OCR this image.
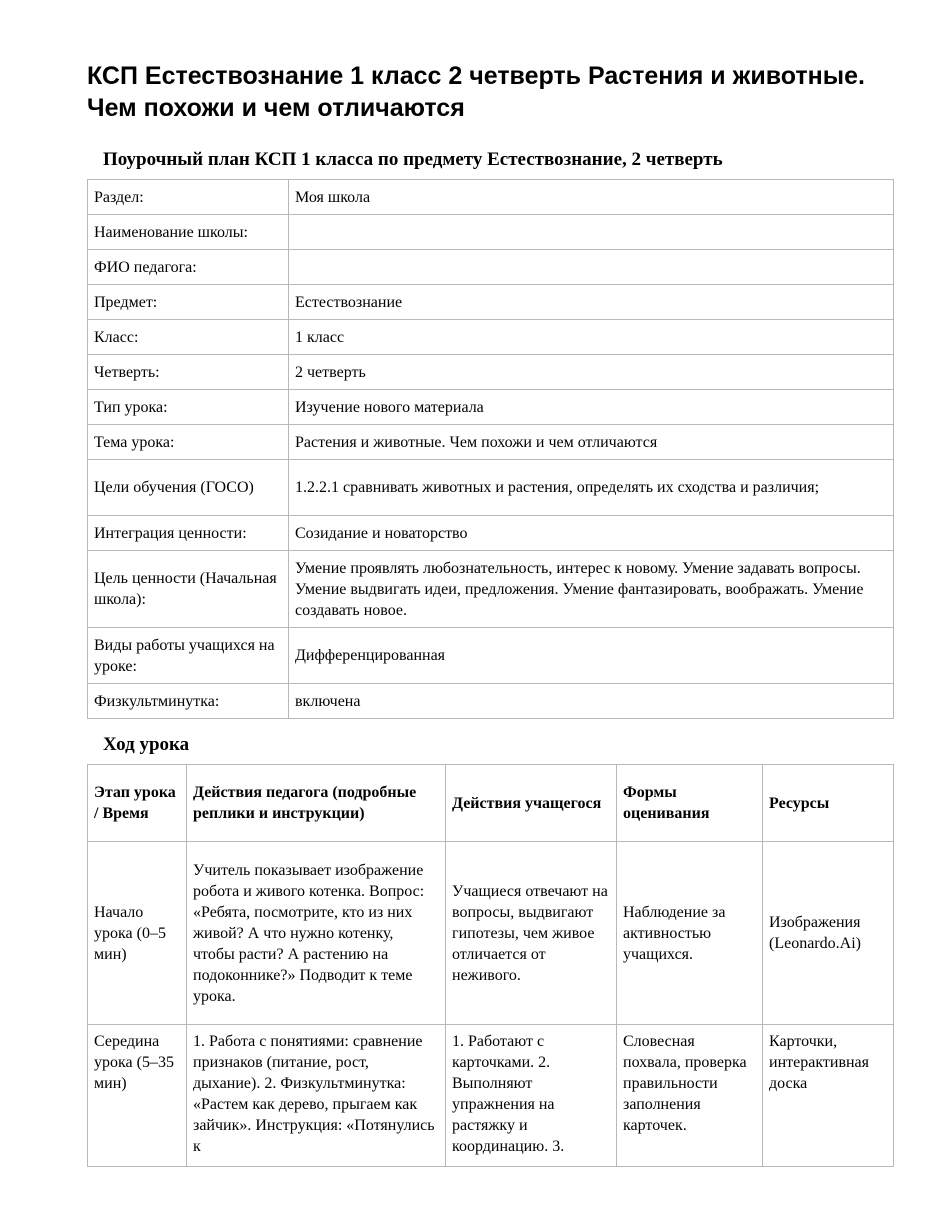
КСП Естествознание 1 класс 2 четверть Растения и животные. Чем похожи и чем отличаются
Поурочный план КСП 1 класса по предмету Естествознание, 2 четверть
Раздел:	Моя школа
Наименование школы:	
ФИО педагога:	
Предмет:	Естествознание
Класс:	1 класс
Четверть:	2 четверть
Тип урока:	Изучение нового материала
Тема урока:	Растения и животные. Чем похожи и чем отличаются
Цели обучения (ГОСО)	1.2.2.1 сравнивать животных и растения, определять их сходства и различия;
Интеграция ценности:	Созидание и новаторство
Цель ценности (Начальная школа):	Умение проявлять любознательность, интерес к новому. Умение задавать вопросы. Умение выдвигать идеи, предложения. Умение фантазировать, воображать. Умение создавать новое.
Виды работы учащихся на уроке:	Дифференцированная
Физкультминутка:	включена
Ход урока
Этап урока / Время	Действия педагога (подробные реплики и инструкции)	Действия учащегося	Формы оценивания	Ресурсы
Начало урока (0–5 мин)	Учитель показывает изображение робота и живого котенка. Вопрос: «Ребята, посмотрите, кто из них живой? А что нужно котенку, чтобы расти? А растению на подоконнике?» Подводит к теме урока.	Учащиеся отвечают на вопросы, выдвигают гипотезы, чем живое отличается от неживого.	Наблюдение за активностью учащихся.	Изображения (Leonardo.Ai)

Середина урока (5–35 мин)	1. Работа с понятиями: сравнение признаков (питание, рост, дыхание). 2. Физкультминутка: «Растем как дерево, прыгаем как зайчик». Инструкция: «Потянулись к	1. Работают с карточками. 2. Выполняют упражнения на растяжку и координацию. 3.	Словесная похвала, проверка правильности заполнения карточек.	Карточки, интерактивная доска
